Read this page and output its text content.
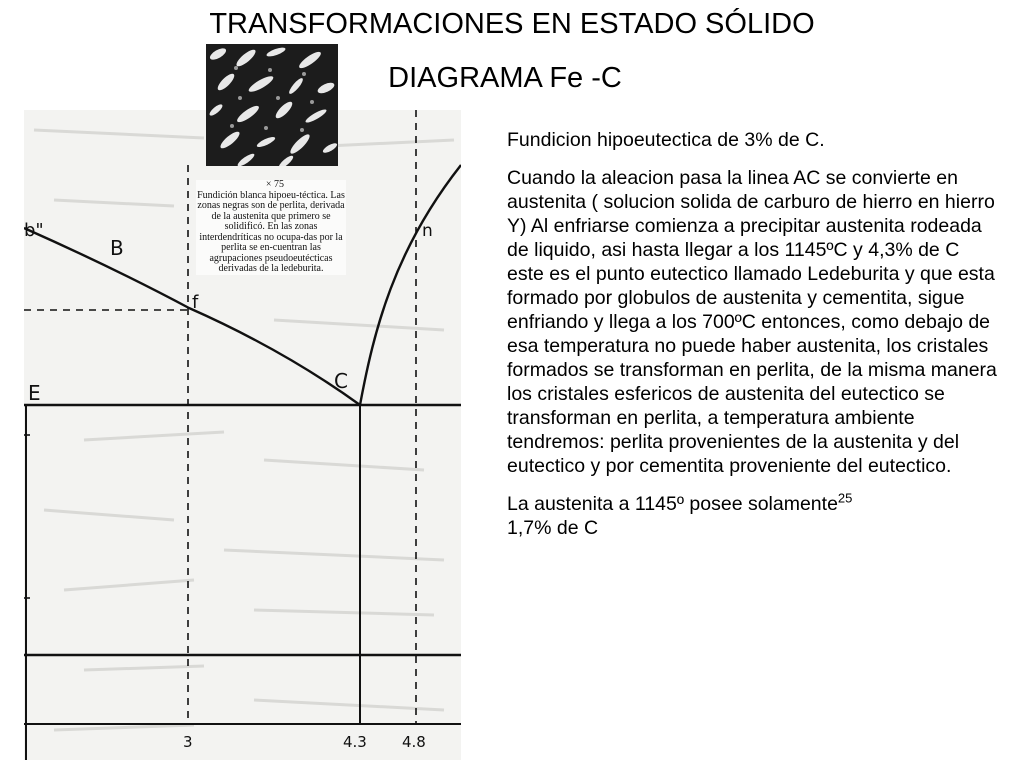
TRANSFORMACIONES EN ESTADO SÓLIDO
b"
B
f
n
C
E
3	4.3 4.8
× 75
Fundición blanca hipoeu-téctica. Las zonas negras son de perlita, derivada de la austenita que primero se solidificó. En las zonas interdendríticas no ocupa-das por la perlita se en-cuentran las agrupaciones pseudoeutécticas derivadas de la ledeburita.
DIAGRAMA Fe -C

Fundicion hipoeutectica de 3% de C.

Cuando la aleacion pasa la linea AC se convierte en austenita ( solucion solida de carburo de hierro en hierro Y) Al enfriarse comienza a precipitar austenita rodeada de liquido, asi hasta llegar a los 1145ºC y 4,3% de C este es el punto eutectico llamado Ledeburita y que esta formado por globulos de austenita y cementita, sigue enfriando y llega a los 700ºC entonces, como debajo de esa temperatura no puede haber austenita, los cristales formados se transforman en perlita, de la misma manera los cristales esfericos de austenita del eutectico se transforman en perlita, a temperatura ambiente tendremos: perlita provenientes de la austenita y del eutectico y por cementita proveniente del eutectico.

La austenita a 1145º posee solamente$^{25}$
1,7% de C
